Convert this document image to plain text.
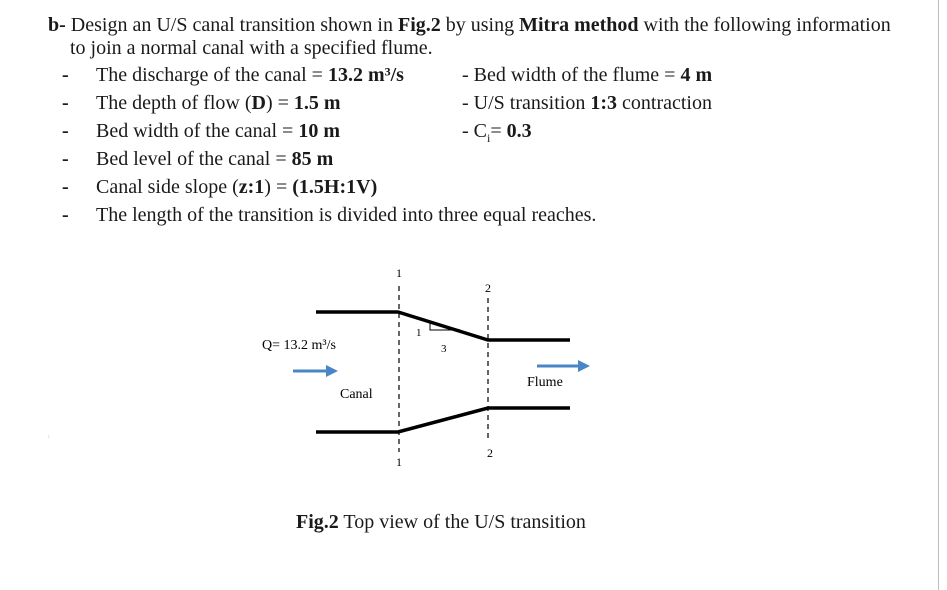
b- Design an U/S canal transition shown in Fig.2 by using Mitra method with the following information
to join a normal canal with a specified flume.
- The discharge of the canal = 13.2 m³/s
- The depth of flow (D) = 1.5 m
- Bed width of the canal = 10 m
- Bed level of the canal = 85 m
- Canal side slope (z:1) = (1.5H:1V)
- The length of the transition is divided into three equal reaches.
- Bed width of the flume = 4 m
- U/S transition 1:3 contraction
- $C_i= 0.3$
:
Q= 13.2 m³/s
Canal
Flume
1
1
2
2
1
3
Fig.2 Top view of the U/S transition
